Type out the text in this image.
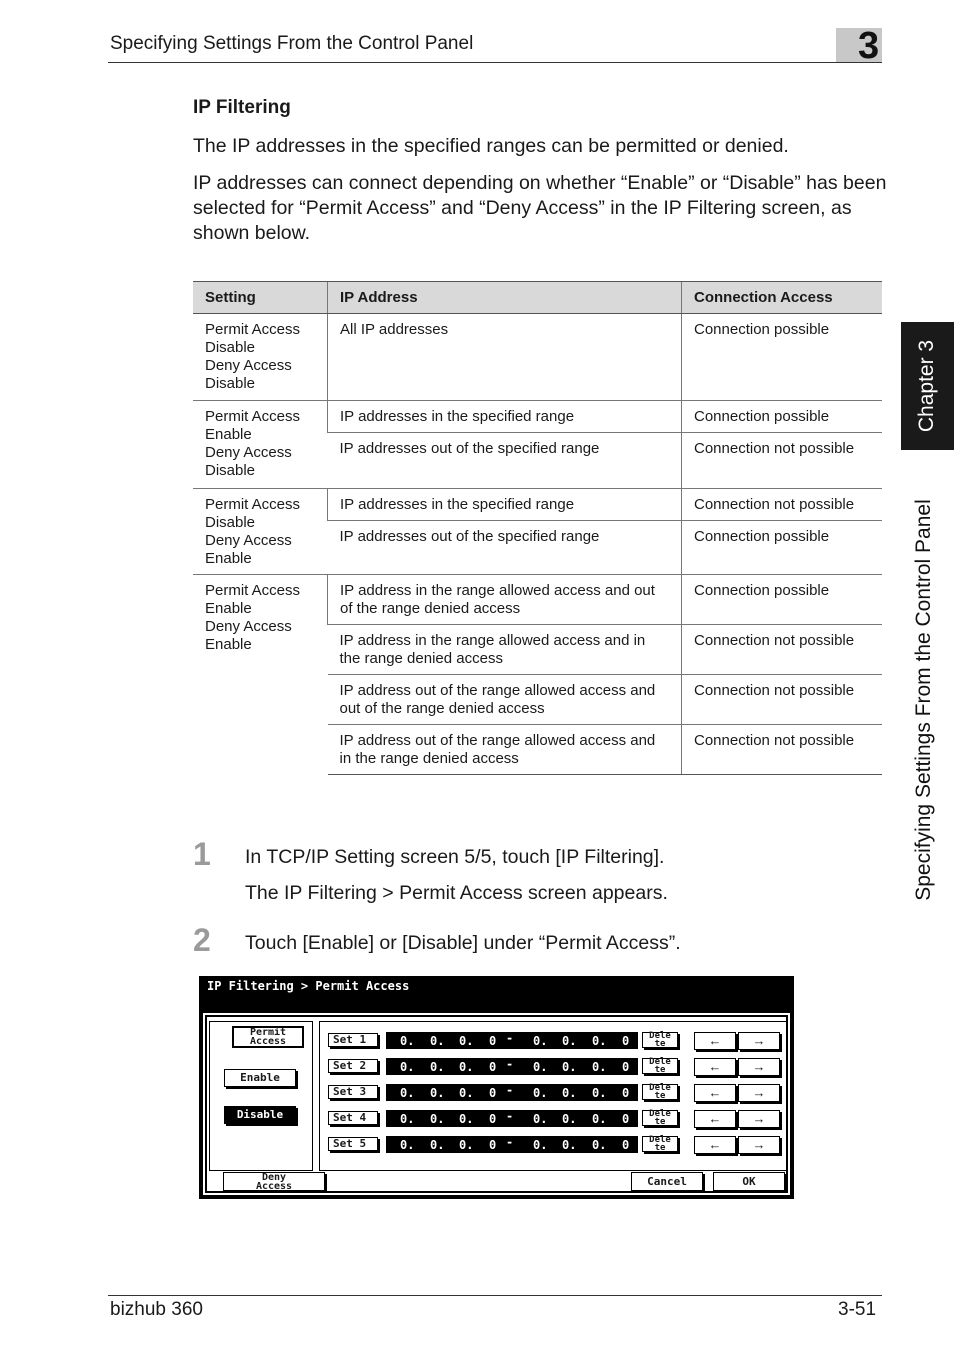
Specifying Settings From the Control Panel	3
Chapter 3
Specifying Settings From the Control Panel
IP Filtering
The IP addresses in the specified ranges can be permitted or denied.
IP addresses can connect depending on whether “Enable” or “Disable” has been selected for “Permit Access” and “Deny Access” in the IP Filtering screen, as shown below.
Setting	IP Address	Connection Access

Permit Access
Disable
Deny Access
Disable	All IP addresses	Connection possible

Permit Access
Enable
Deny Access
Disable	IP addresses in the specified range	Connection possible
	IP addresses out of the specified range	Connection not possible

Permit Access
Disable
Deny Access
Enable	IP addresses in the specified range	Connection not possible
	IP addresses out of the specified range	Connection possible

Permit Access
Enable
Deny Access
Enable	IP address in the range allowed access and out of the range denied access	Connection possible
	IP address in the range allowed access and in the range denied access	Connection not possible
	IP address out of the range allowed access and out of the range denied access	Connection not possible
	IP address out of the range allowed access and in the range denied access	Connection not possible
1 In TCP/IP Setting screen 5/5, touch [IP Filtering].
The IP Filtering > Permit Access screen appears.
2 Touch [Enable] or [Disable] under “Permit Access”.
IP Filtering > Permit Access
Permit Access
Enable
Disable
Set 1	0. 0. 0. 0 - 0. 0. 0. 0	Delete	←	→
Set 2	0. 0. 0. 0 - 0. 0. 0. 0	Delete	←	→
Set 3	0. 0. 0. 0 - 0. 0. 0. 0	Delete	←	→
Set 4	0. 0. 0. 0 - 0. 0. 0. 0	Delete	←	→
Set 5	0. 0. 0. 0 - 0. 0. 0. 0	Delete	←	→
Deny Access	Cancel	OK
bizhub 360	3-51
